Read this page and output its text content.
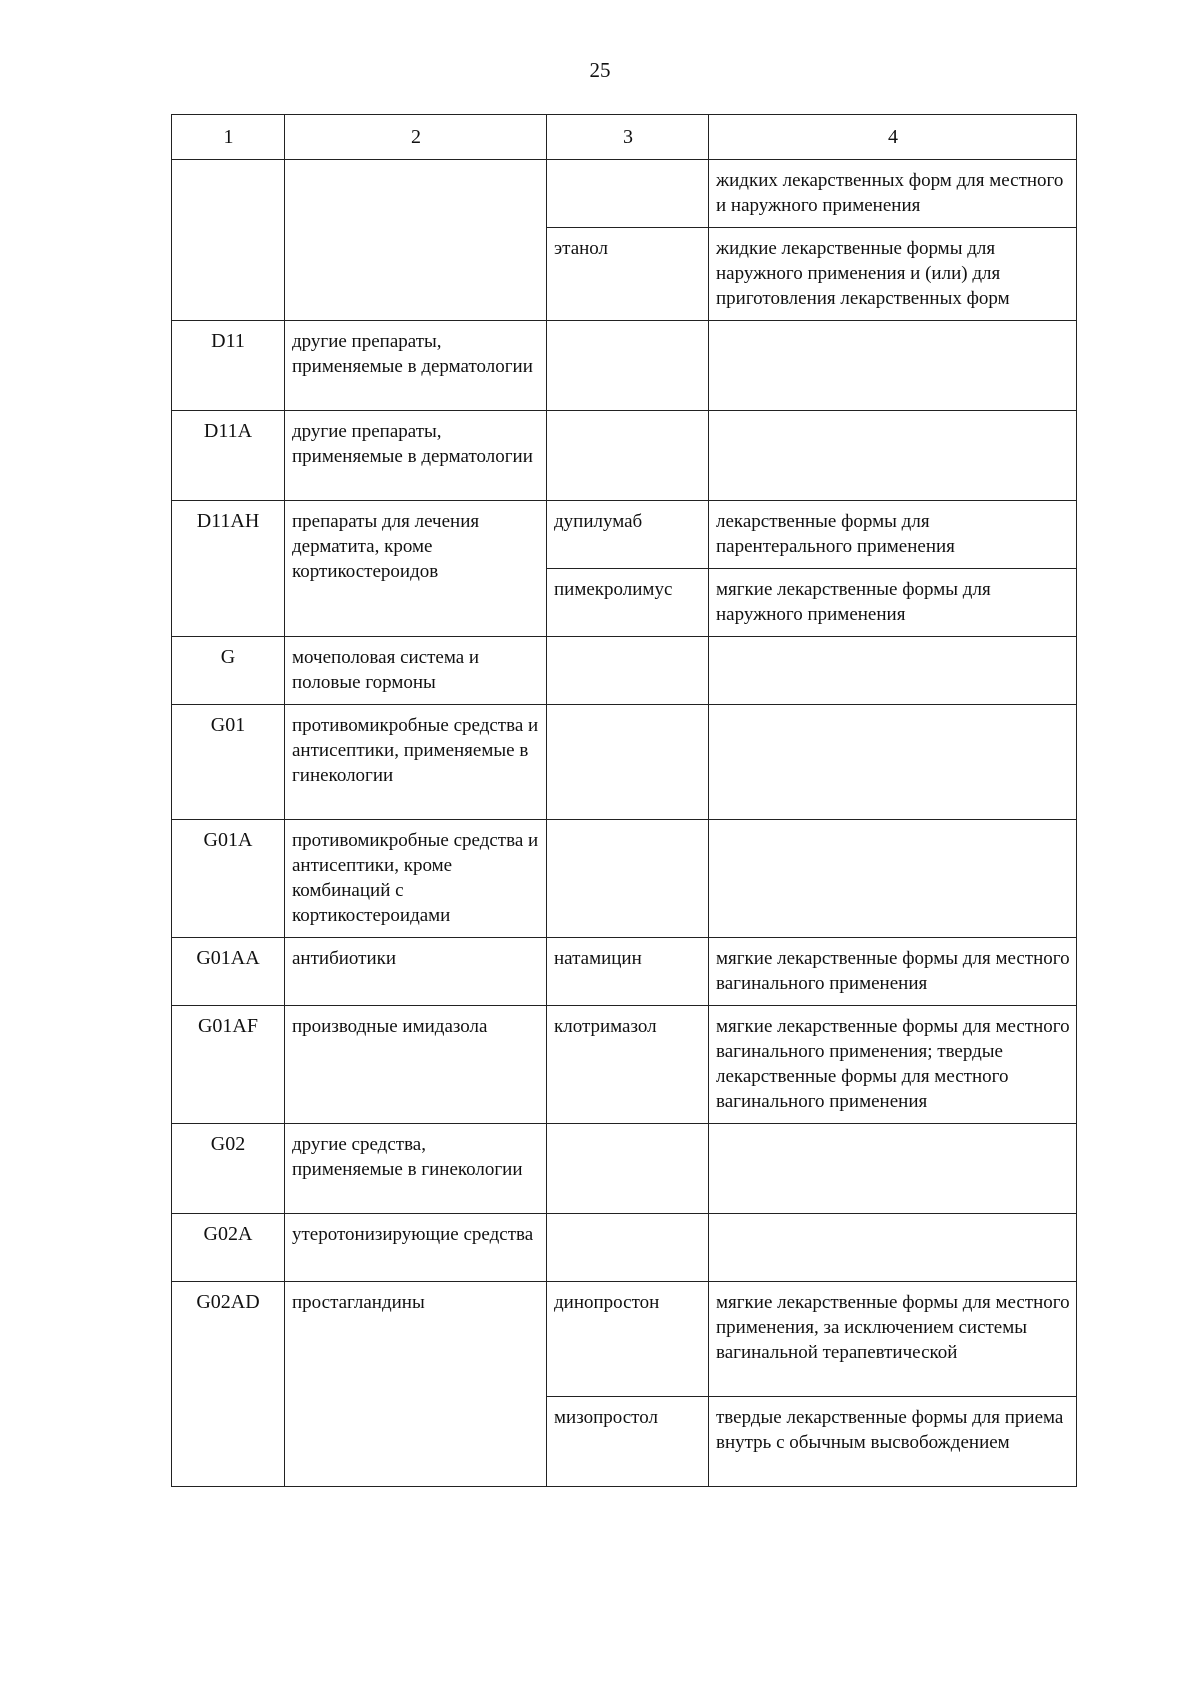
25
1	2	3	4
			жидких лекарственных форм для местного и наружного применения
		этанол	жидкие лекарственные формы для наружного применения и (или) для приготовления лекарственных форм
D11	другие препараты, применяемые в дерматологии		
D11A	другие препараты, применяемые в дерматологии		
D11AH	препараты для лечения дерматита, кроме кортикостероидов	дупилумаб	лекарственные формы для парентерального применения
		пимекролимус	мягкие лекарственные формы для наружного применения
G	мочеполовая система и половые гормоны		
G01	противомикробные средства и антисептики, применяемые в гинекологии		
G01A	противомикробные средства и антисептики, кроме комбинаций с кортикостероидами		
G01AA	антибиотики	натамицин	мягкие лекарственные формы для местного вагинального применения
G01AF	производные имидазола	клотримазол	мягкие лекарственные формы для местного вагинального применения; твердые лекарственные формы для местного вагинального применения
G02	другие средства, применяемые в гинекологии		
G02A	утеротонизирующие средства		
G02AD	простагландины	динопростон	мягкие лекарственные формы для местного применения, за исключением системы вагинальной терапевтической
		мизопростол	твердые лекарственные формы для приема внутрь с обычным высвобождением
